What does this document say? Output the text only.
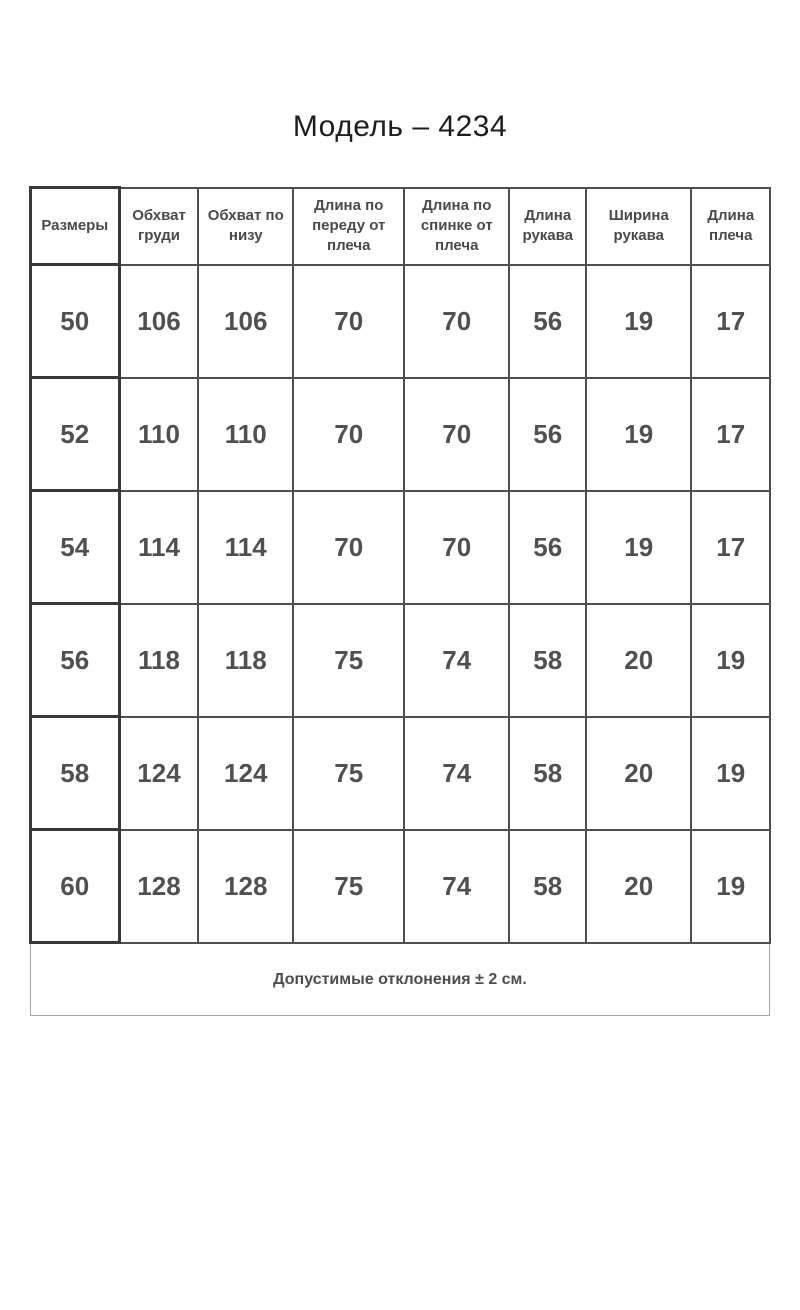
Модель – 4234
Размеры	Обхват груди	Обхват по низу	Длина по переду от плеча	Длина по спинке от плеча	Длина рукава	Ширина рукава	Длина плеча
50	106	106	70	70	56	19	17
52	110	110	70	70	56	19	17
54	114	114	70	70	56	19	17
56	118	118	75	74	58	20	19
58	124	124	75	74	58	20	19
60	128	128	75	74	58	20	19
Допустимые отклонения ± 2 см.
